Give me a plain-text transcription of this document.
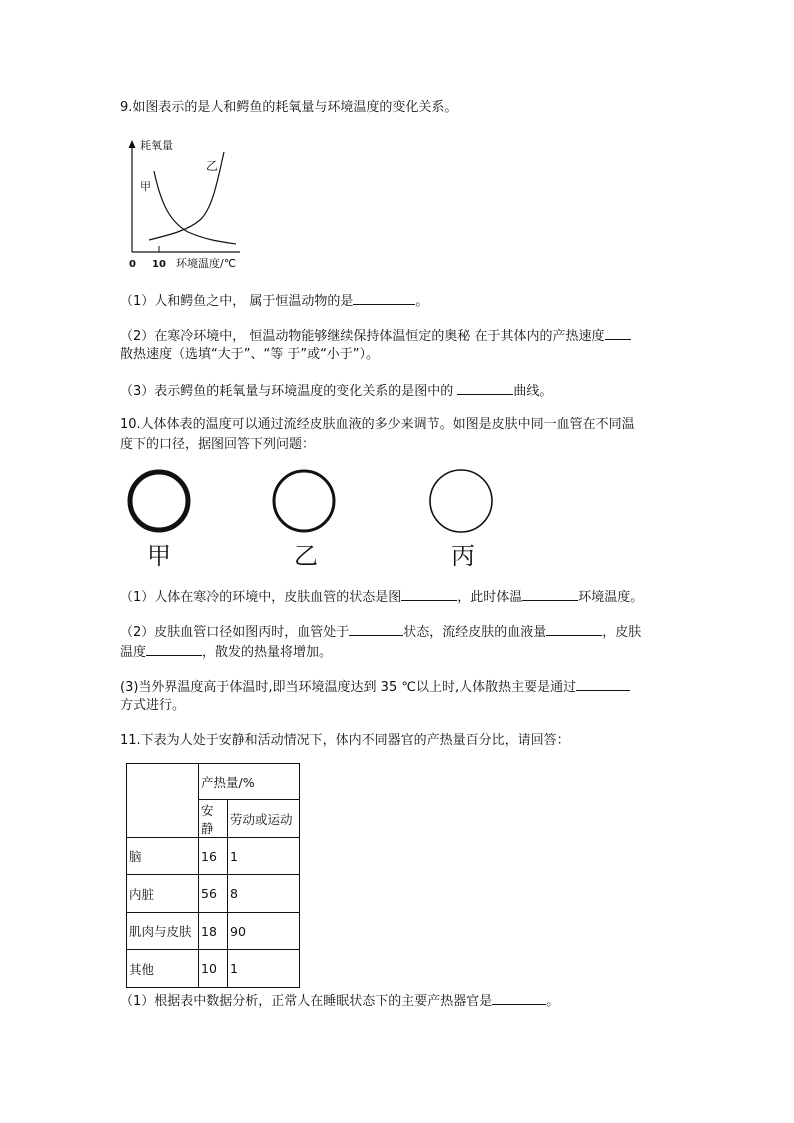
9.如图表示的是人和鳄鱼的耗氧量与环境温度的变化关系。
耗氧量
甲
乙
0 10 环境温度/℃
（1）人和鳄鱼之中， 属于恒温动物的是	。
（2）在寒冷环境中， 恒温动物能够继续保持体温恒定的奥秘 在于其体内的产热速度
散热速度（选填“大于”、“等 于”或“小于”）。
（3）表示鳄鱼的耗氧量与环境温度的变化关系的是图中的	曲线。
10.人体体表的温度可以通过流经皮肤血液的多少来调节。如图是皮肤中同一血管在不同温
度下的口径，据图回答下列问题：
甲	乙	丙
（1）人体在寒冷的环境中，皮肤血管的状态是图	，此时体温	环境温度。
（2）皮肤血管口径如图丙时，血管处于	状态，流经皮肤的血液量	，皮肤
温度	，散发的热量将增加。
(3)当外界温度高于体温时,即当环境温度达到 35 ℃以上时,人体散热主要是通过
方式进行。
11.下表为人处于安静和活动情况下，体内不同器官的产热量百分比，请回答：
	产热量/%	
	安静	劳动或运动
脑	16	1
内脏	56	8
肌肉与皮肤	18	90
其他	10	1
（1）根据表中数据分析，正常人在睡眠状态下的主要产热器官是	。
